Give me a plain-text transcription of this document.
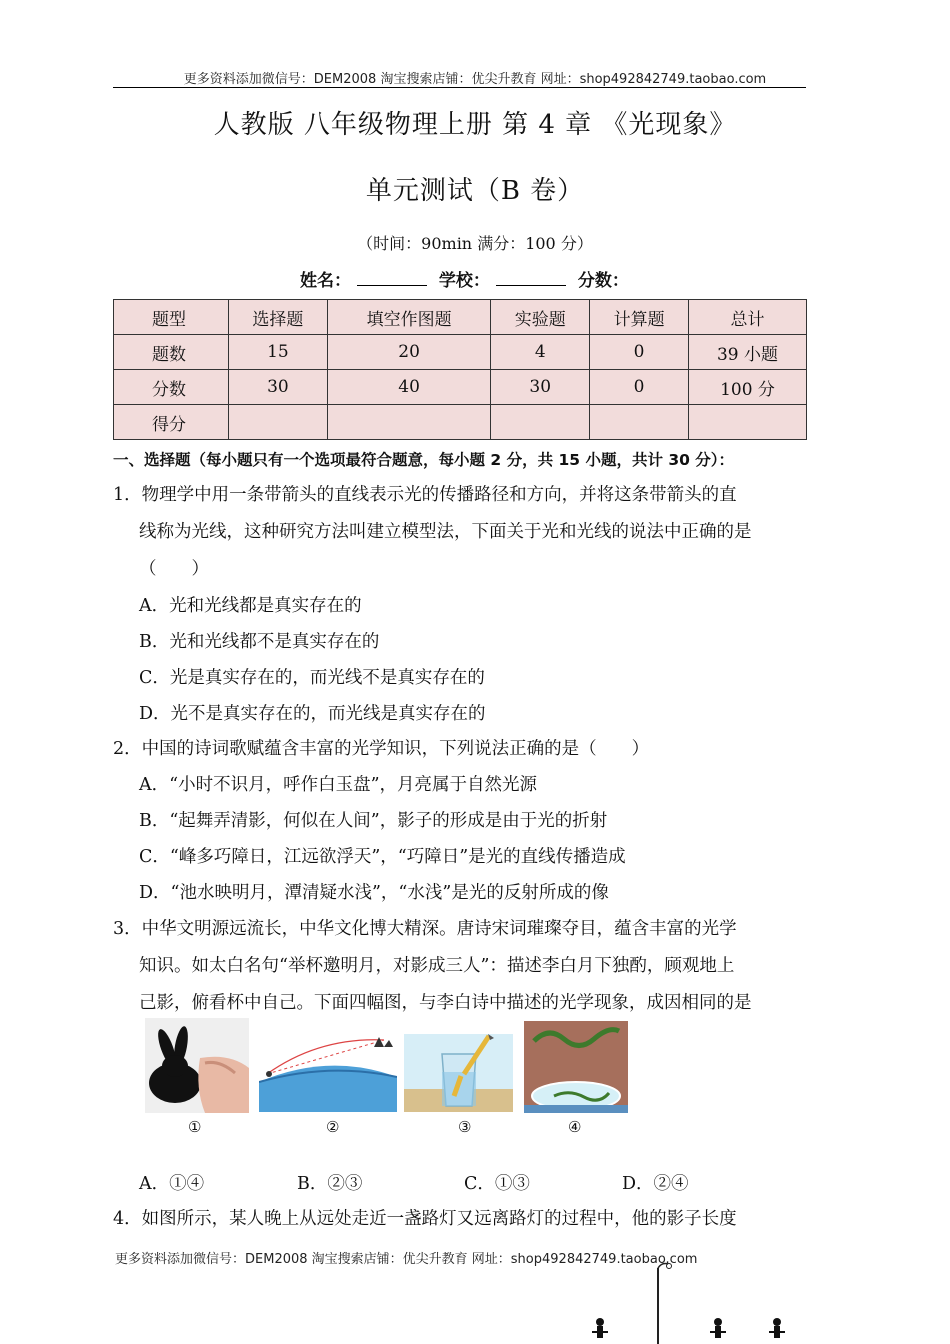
更多资料添加微信号：DEM2008 淘宝搜索店铺：优尖升教育 网址：shop492842749.taobao.com
人教版 八年级物理上册 第 4 章 《光现象》
单元测试（B 卷）
（时间：90min 满分：100 分）
姓名：	学校：	分数：
题型	选择题	填空作图题	实验题	计算题	总计
题数	15	20	4	0	39 小题
分数	30	40	30	0	100 分
得分					
一、选择题（每小题只有一个选项最符合题意，每小题 2 分，共 15 小题，共计 30 分）：
1．物理学中用一条带箭头的直线表示光的传播路径和方向，并将这条带箭头的直
线称为光线，这种研究方法叫建立模型法，下面关于光和光线的说法中正确的是
（　　）
A．光和光线都是真实存在的
B．光和光线都不是真实存在的
C．光是真实存在的，而光线不是真实存在的
D．光不是真实存在的，而光线是真实存在的
2．中国的诗词歌赋蕴含丰富的光学知识，下列说法正确的是（　　）
A．“小时不识月，呼作白玉盘”，月亮属于自然光源
B．“起舞弄清影，何似在人间”，影子的形成是由于光的折射
C．“峰多巧障日，江远欲浮天”，“巧障日”是光的直线传播造成
D．“池水映明月，潭清疑水浅”，“水浅”是光的反射所成的像
3．中华文明源远流长，中华文化博大精深。唐诗宋词璀璨夺目，蕴含丰富的光学
知识。如太白名句“举杯邀明月，对影成三人”：描述李白月下独酌，顾观地上
己影，俯看杯中自己。下面四幅图，与李白诗中描述的光学现象，成因相同的是
①	②	③	④
A．①④	B．②③	C．①③	D．②④
4．如图所示，某人晚上从远处走近一盏路灯又远离路灯的过程中，他的影子长度
更多资料添加微信号：DEM2008 淘宝搜索店铺：优尖升教育 网址：shop492842749.taobao.com
